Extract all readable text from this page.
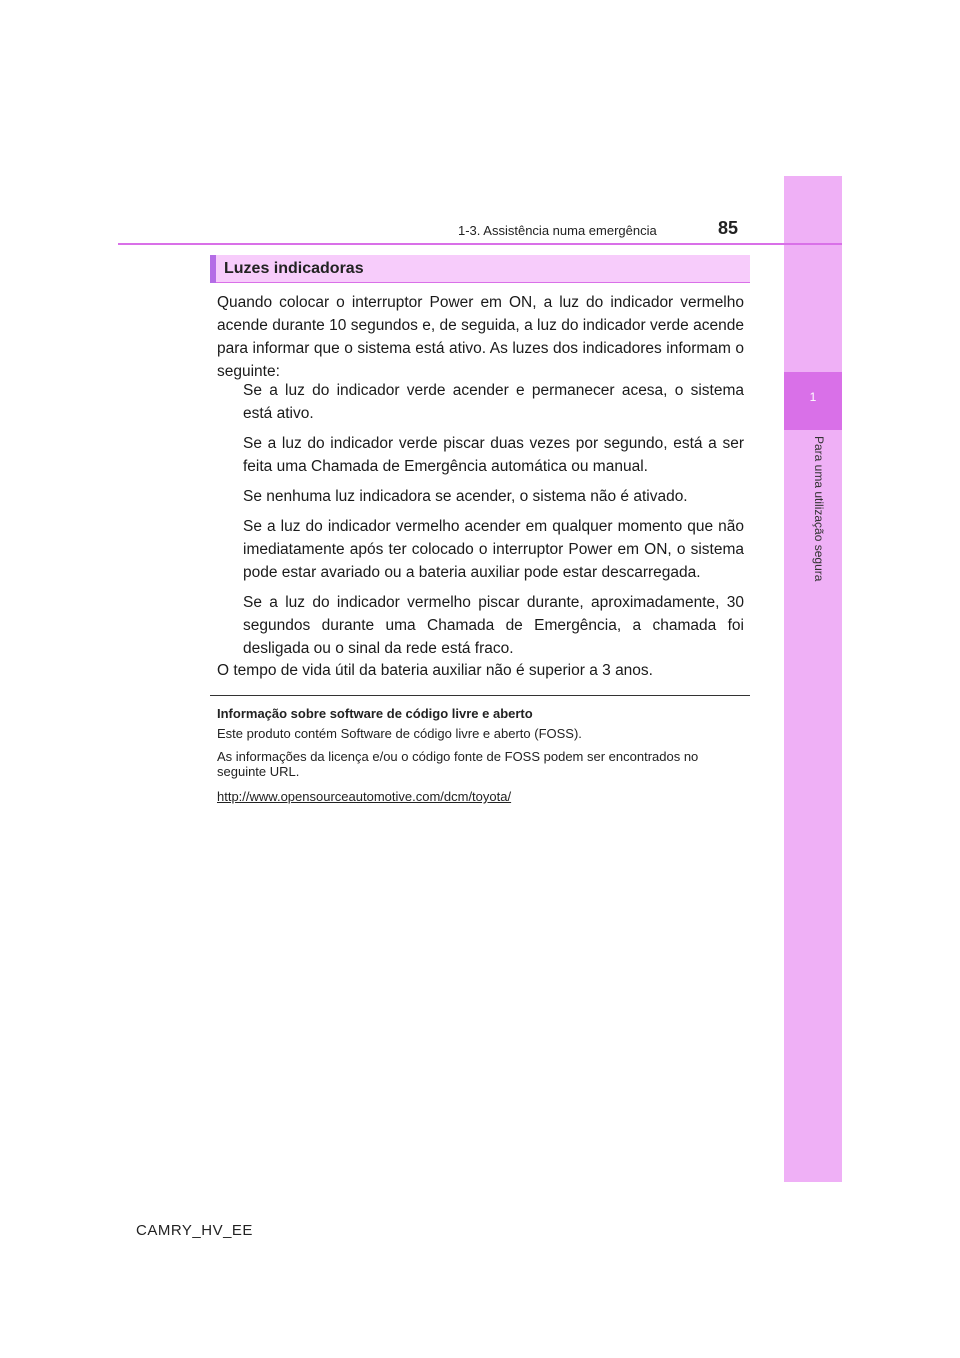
1
Para uma utilização segura
1-3. Assistência numa emergência	85
Luzes indicadoras
Quando colocar o interruptor Power em ON, a luz do indicador vermelho acende durante 10 segundos e, de seguida, a luz do indicador verde acende para informar que o sistema está ativo. As luzes dos indicadores informam o seguinte:
Se a luz do indicador verde acender e permanecer acesa, o sistema está ativo.
Se a luz do indicador verde piscar duas vezes por segundo, está a ser feita uma Chamada de Emergência automática ou manual.
Se nenhuma luz indicadora se acender, o sistema não é ativado.
Se a luz do indicador vermelho acender em qualquer momento que não imediatamente após ter colocado o interruptor Power em ON, o sistema pode estar avariado ou a bateria auxiliar pode estar descarregada.
Se a luz do indicador vermelho piscar durante, aproximadamente, 30 segundos durante uma Chamada de Emergência, a chamada foi desligada ou o sinal da rede está fraco.
O tempo de vida útil da bateria auxiliar não é superior a 3 anos.
Informação sobre software de código livre e aberto
Este produto contém Software de código livre e aberto (FOSS).
As informações da licença e/ou o código fonte de FOSS podem ser encontrados no seguinte URL.
http://www.opensourceautomotive.com/dcm/toyota/
CAMRY_HV_EE
